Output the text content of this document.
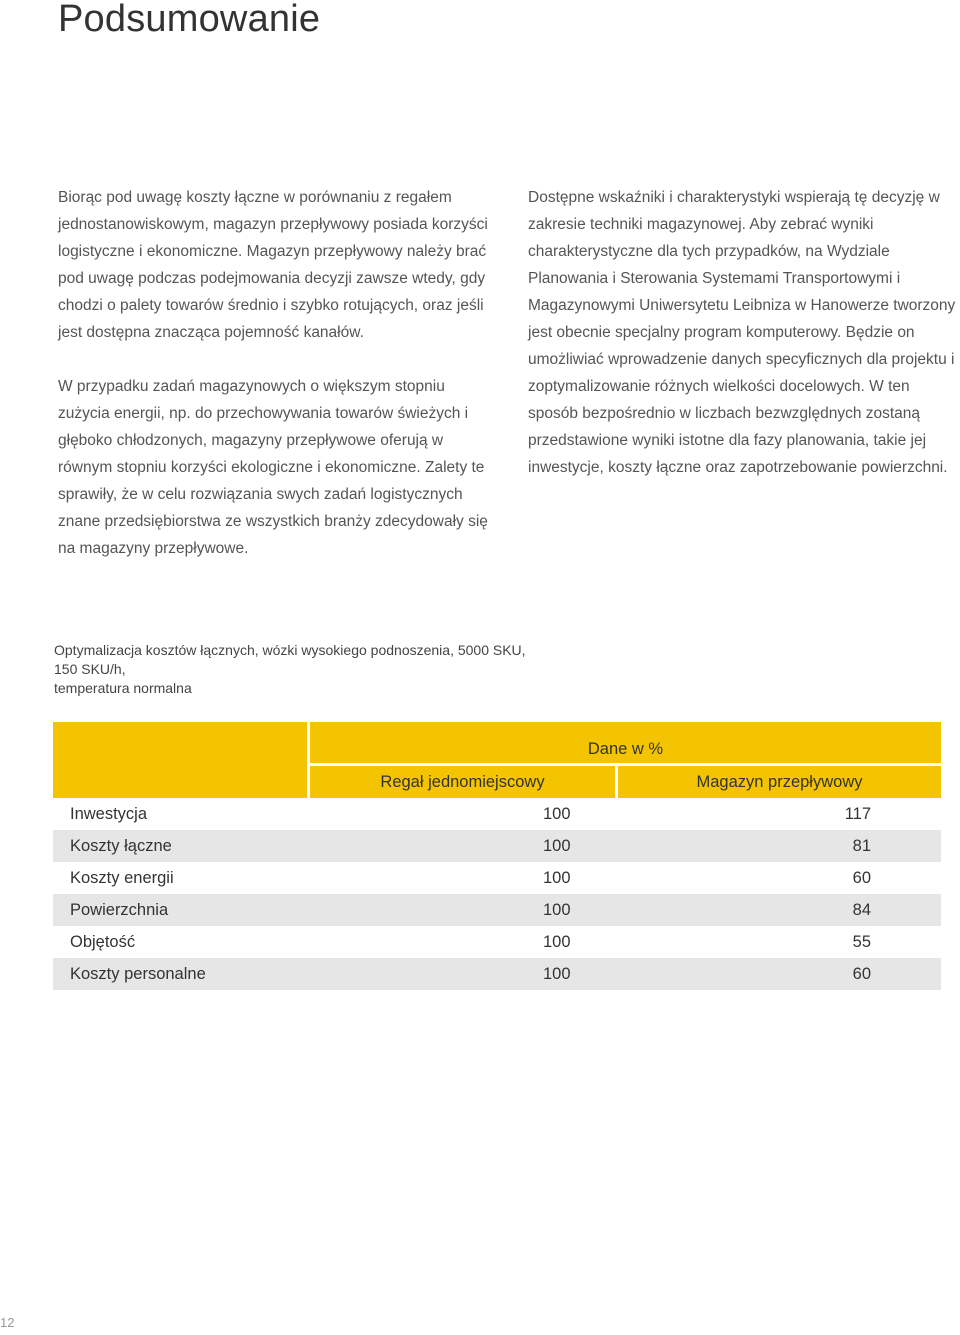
Podsumowanie

Biorąc pod uwagę koszty łączne w porównaniu z regałem jednostanowiskowym, magazyn przepływowy posiada korzyści logistyczne i ekonomiczne. Magazyn przepływowy należy brać pod uwagę podczas podejmowania decyzji zawsze wtedy, gdy chodzi o palety towarów średnio i szybko rotujących, oraz jeśli jest dostępna znacząca pojemność kanałów.

W przypadku zadań magazynowych o większym stopniu zużycia energii, np. do przechowywania towarów świeżych i głęboko chłodzonych, magazyny przepływowe oferują w równym stopniu korzyści ekologiczne i ekonomiczne. Zalety te sprawiły, że w celu rozwiązania swych zadań logistycznych znane przedsiębiorstwa ze wszystkich branży zdecydowały się na magazyny przepływowe.

Dostępne wskaźniki i charakterystyki wspierają tę decyzję w zakresie techniki magazynowej. Aby zebrać wyniki charakterystyczne dla tych przypadków, na Wydziale Planowania i Sterowania Systemami Transportowymi i Magazynowymi Uniwersytetu Leibniza w Hanowerze tworzony jest obecnie specjalny program komputerowy. Będzie on umożliwiać wprowadzenie danych specyficznych dla projektu i zoptymalizowanie różnych wielkości docelowych. W ten sposób bezpośrednio w liczbach bezwzględnych zostaną przedstawione wyniki istotne dla fazy planowania, takie jej inwestycje, koszty łączne oraz zapotrzebowanie powierzchni.

Optymalizacja kosztów łącznych, wózki wysokiego podnoszenia, 5000 SKU,
150 SKU/h,
temperatura normalna
	Dane w %	
	Regał jednomiejscowy	Magazyn przepływowy
Inwestycja	100	117
Koszty łączne	100	81
Koszty energii	100	60
Powierzchnia	100	84
Objętość	100	55
Koszty personalne	100	60
12
